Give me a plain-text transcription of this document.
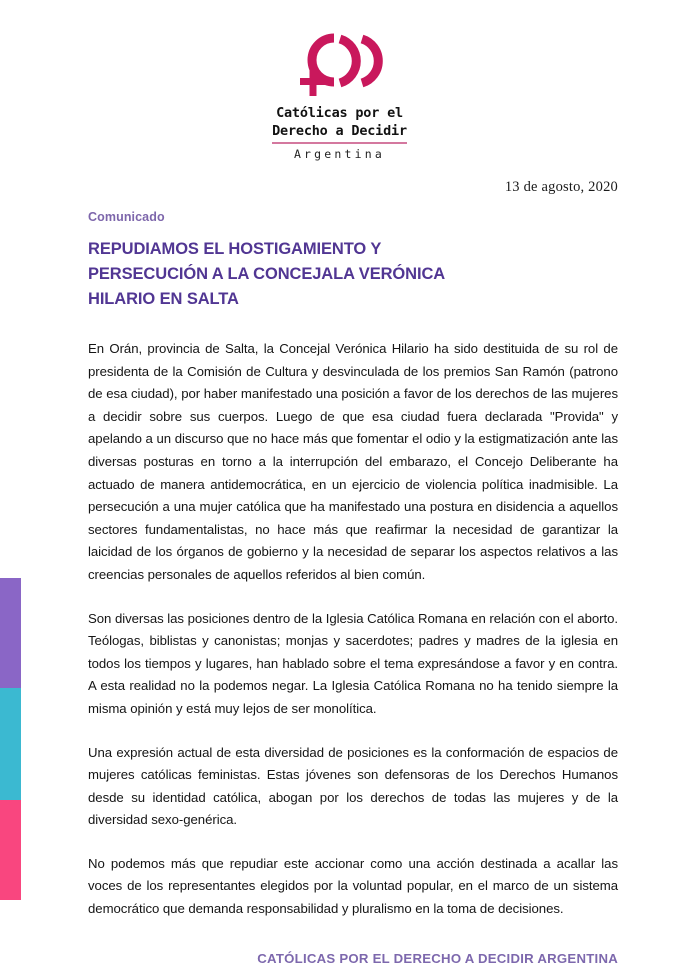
Católicas por el
Derecho a Decidir
Argentina
13 de agosto, 2020
Comunicado
REPUDIAMOS EL HOSTIGAMIENTO Y
PERSECUCIÓN A LA CONCEJALA VERÓNICA
HILARIO EN SALTA

En Orán, provincia de Salta, la Concejal Verónica Hilario ha sido destituida de su rol de presidenta de la Comisión de Cultura y desvinculada de los premios San Ramón (patrono de esa ciudad), por haber manifestado una posición a favor de los derechos de las mujeres a decidir sobre sus cuerpos. Luego de que esa ciudad fuera declarada "Provida" y apelando a un discurso que no hace más que fomentar el odio y la estigmatización ante las diversas posturas en torno a la interrupción del embarazo, el Concejo Deliberante ha actuado de manera antidemocrática, en un ejercicio de violencia política inadmisible. La persecución a una mujer católica que ha manifestado una postura en disidencia a aquellos sectores fundamentalistas, no hace más que reafirmar la necesidad de garantizar la laicidad de los órganos de gobierno y la necesidad de separar los aspectos relativos a las creencias personales de aquellos referidos al bien común.

Son diversas las posiciones dentro de la Iglesia Católica Romana en relación con el aborto. Teólogas, biblistas y canonistas; monjas y sacerdotes; padres y madres de la iglesia en todos los tiempos y lugares, han hablado sobre el tema expresándose a favor y en contra. A esta realidad no la podemos negar. La Iglesia Católica Romana no ha tenido siempre la misma opinión y está muy lejos de ser monolítica.

Una expresión actual de esta diversidad de posiciones es la conformación de espacios de mujeres católicas feministas. Estas jóvenes son defensoras de los Derechos Humanos desde su identidad católica, abogan por los derechos de todas las mujeres y de la diversidad sexo-genérica.

No podemos más que repudiar este accionar como una acción destinada a acallar las voces de los representantes elegidos por la voluntad popular, en el marco de un sistema democrático que demanda responsabilidad y pluralismo en la toma de decisiones.

CATÓLICAS POR EL DERECHO A DECIDIR ARGENTINA
